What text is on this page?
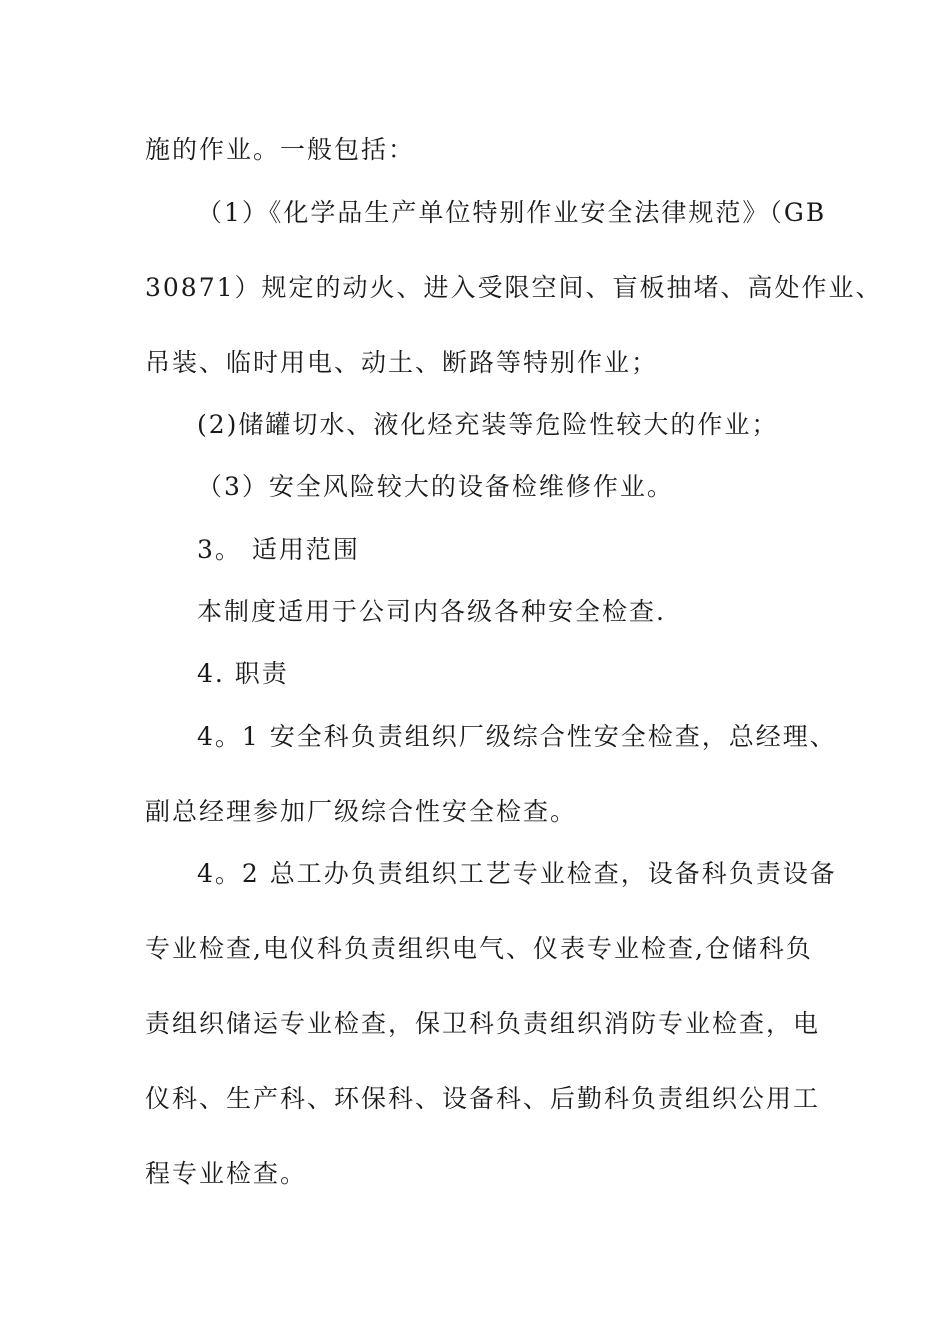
施的作业。一般包括：

（1）《化学品生产单位特别作业安全法律规范》（GB

30871）规定的动火、进入受限空间、盲板抽堵、高处作业、

吊装、临时用电、动土、断路等特别作业；

(2)储罐切水、液化烃充装等危险性较大的作业；

（3）安全风险较大的设备检维修作业。

3。 适用范围

本制度适用于公司内各级各种安全检查.

4. 职责

4。1 安全科负责组织厂级综合性安全检查，总经理、

副总经理参加厂级综合性安全检查。

4。2 总工办负责组织工艺专业检查，设备科负责设备

专业检查,电仪科负责组织电气、仪表专业检查,仓储科负

责组织储运专业检查，保卫科负责组织消防专业检查，电

仪科、生产科、环保科、设备科、后勤科负责组织公用工

程专业检查。
